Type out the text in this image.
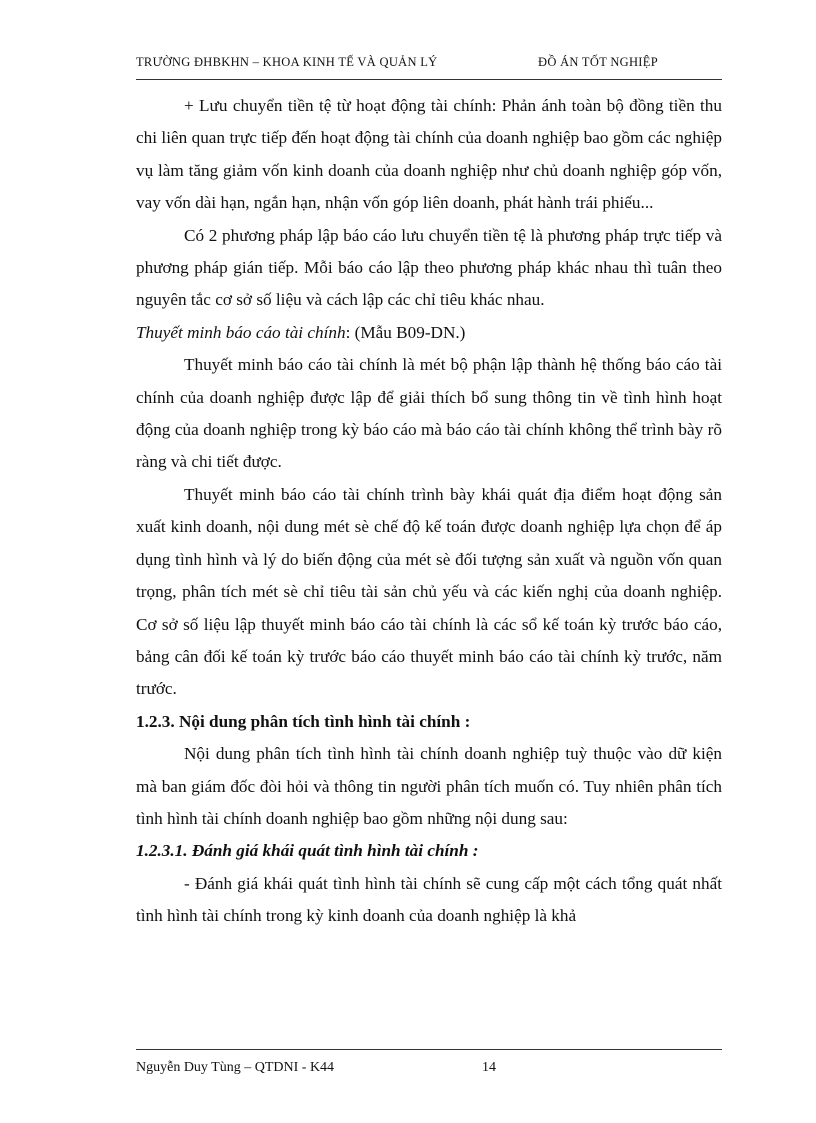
TRƯỜNG ĐHBKHN – KHOA KINH TẾ VÀ QUẢN LÝ	ĐỒ ÁN TỐT NGHIỆP

+ Lưu chuyển tiền tệ từ hoạt động tài chính: Phản ánh toàn bộ đồng tiền thu chi liên quan trực tiếp đến hoạt động tài chính của doanh nghiệp bao gồm các nghiệp vụ làm tăng giảm vốn kinh doanh của doanh nghiệp như chủ doanh nghiệp góp vốn, vay vốn dài hạn, ngắn hạn, nhận vốn góp liên doanh, phát hành trái phiếu...

Có 2 phương pháp lập báo cáo lưu chuyển tiền tệ là phương pháp trực tiếp và phương pháp gián tiếp. Mỗi báo cáo lập theo phương pháp khác nhau thì tuân theo nguyên tắc cơ sở số liệu và cách lập các chỉ tiêu khác nhau.

Thuyết minh báo cáo tài chính: (Mẫu B09-DN.)

Thuyết minh báo cáo tài chính là mét bộ phận lập thành hệ thống báo cáo tài chính của doanh nghiệp được lập để giải thích bổ sung thông tin về tình hình hoạt động của doanh nghiệp trong kỳ báo cáo mà báo cáo tài chính không thể trình bày rõ ràng và chi tiết được.

Thuyết minh báo cáo tài chính trình bày khái quát địa điểm hoạt động sản xuất kinh doanh, nội dung mét sè chế độ kế toán được doanh nghiệp lựa chọn để áp dụng tình hình và lý do biến động của mét sè đối tượng sản xuất và nguồn vốn quan trọng, phân tích mét sè chỉ tiêu tài sản chủ yếu và các kiến nghị của doanh nghiệp. Cơ sở số liệu lập thuyết minh báo cáo tài chính là các sổ kế toán kỳ trước báo cáo, bảng cân đối kế toán kỳ trước báo cáo thuyết minh báo cáo tài chính kỳ trước, năm trước.

1.2.3. Nội dung phân tích tình hình tài chính :

Nội dung phân tích tình hình tài chính doanh nghiệp tuỳ thuộc vào dữ kiện mà ban giám đốc đòi hỏi và thông tin người phân tích muốn có. Tuy nhiên phân tích tình hình tài chính doanh nghiệp bao gồm những nội dung sau:

1.2.3.1. Đánh giá khái quát tình hình tài chính :

- Đánh giá khái quát tình hình tài chính sẽ cung cấp một cách tổng quát nhất tình hình tài chính trong kỳ kinh doanh của doanh nghiệp là khả

Nguyễn Duy Tùng – QTDNI - K44	14
